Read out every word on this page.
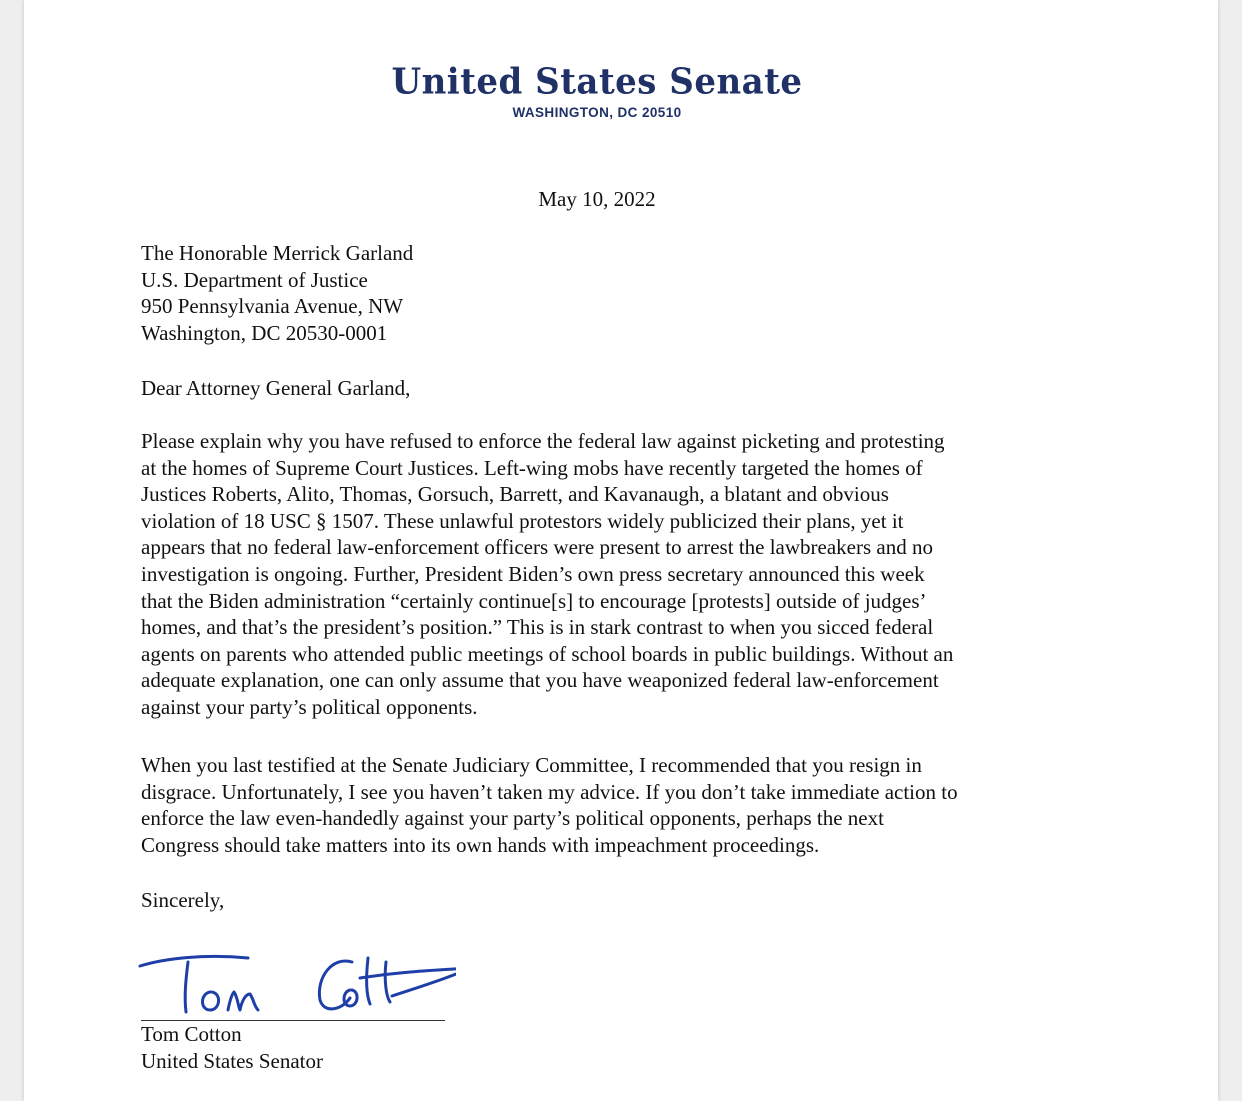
United States Senate
WASHINGTON, DC 20510
May 10, 2022
The Honorable Merrick Garland
U.S. Department of Justice
950 Pennsylvania Avenue, NW
Washington, DC 20530-0001
Dear Attorney General Garland,
Please explain why you have refused to enforce the federal law against picketing and protesting
at the homes of Supreme Court Justices. Left-wing mobs have recently targeted the homes of
Justices Roberts, Alito, Thomas, Gorsuch, Barrett, and Kavanaugh, a blatant and obvious
violation of 18 USC § 1507. These unlawful protestors widely publicized their plans, yet it
appears that no federal law-enforcement officers were present to arrest the lawbreakers and no
investigation is ongoing. Further, President Biden’s own press secretary announced this week
that the Biden administration “certainly continue[s] to encourage [protests] outside of judges’
homes, and that’s the president’s position.” This is in stark contrast to when you sicced federal
agents on parents who attended public meetings of school boards in public buildings. Without an
adequate explanation, one can only assume that you have weaponized federal law-enforcement
against your party’s political opponents.
When you last testified at the Senate Judiciary Committee, I recommended that you resign in
disgrace. Unfortunately, I see you haven’t taken my advice. If you don’t take immediate action to
enforce the law even-handedly against your party’s political opponents, perhaps the next
Congress should take matters into its own hands with impeachment proceedings.
Sincerely,
Tom Cotton
United States Senator
